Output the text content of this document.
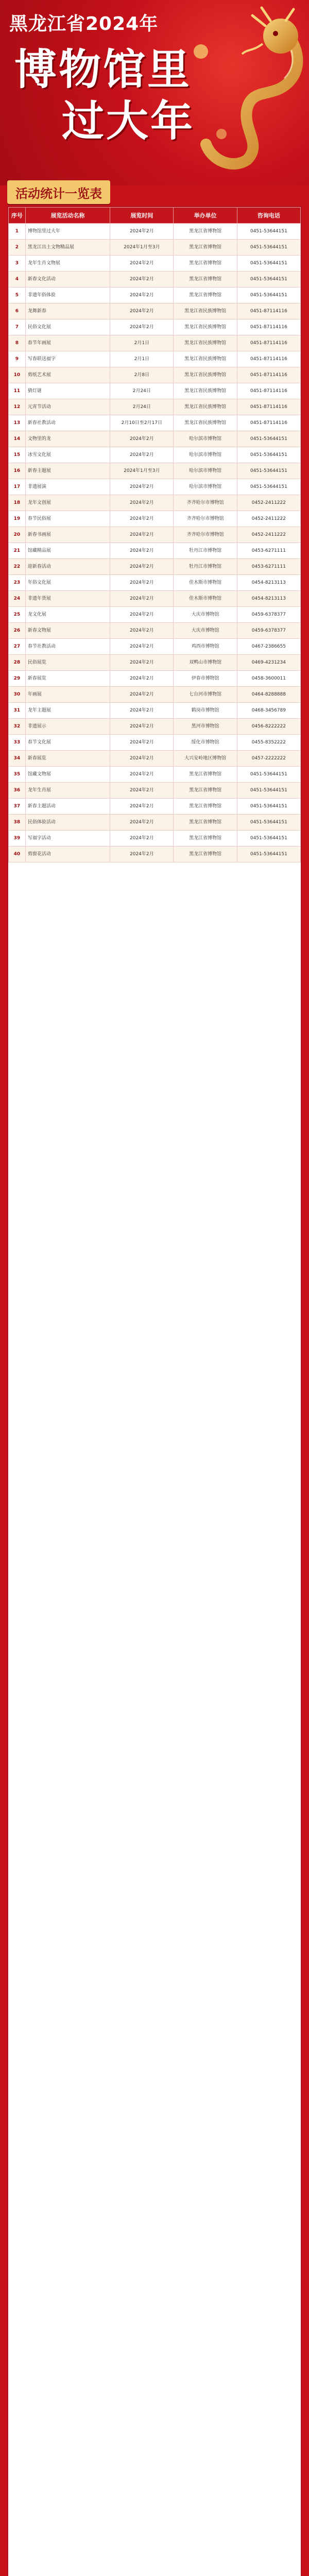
黑龙江省2024年
博物馆里
过大年
活动统计一览表
序号	展览活动名称	展览时间	举办单位	咨询电话
1	博物馆里过大年	2024年2月	黑龙江省博物馆	0451-53644151
2	黑龙江出土文物精品展	2024年1月至3月	黑龙江省博物馆	0451-53644151
3	龙年生肖文物展	2024年2月	黑龙江省博物馆	0451-53644151
4	新春文化活动	2024年2月	黑龙江省博物馆	0451-53644151
5	非遗年俗体验	2024年2月	黑龙江省博物馆	0451-53644151
6	龙舞新春	2024年2月	黑龙江省民族博物馆	0451-87114116
7	民俗文化展	2024年2月	黑龙江省民族博物馆	0451-87114116
8	春节年画展	2月1日	黑龙江省民族博物馆	0451-87114116
9	写春联送福字	2月1日	黑龙江省民族博物馆	0451-87114116
10	剪纸艺术展	2月8日	黑龙江省民族博物馆	0451-87114116
11	猜灯谜	2月24日	黑龙江省民族博物馆	0451-87114116
12	元宵节活动	2月24日	黑龙江省民族博物馆	0451-87114116
13	新春社教活动	2月10日至2月17日	黑龙江省民族博物馆	0451-87114116
14	文物里的龙	2024年2月	哈尔滨市博物馆	0451-53644151
15	冰雪文化展	2024年2月	哈尔滨市博物馆	0451-53644151
16	新春主题展	2024年1月至3月	哈尔滨市博物馆	0451-53644151
17	非遗展演	2024年2月	哈尔滨市博物馆	0451-53644151
18	龙年文创展	2024年2月	齐齐哈尔市博物馆	0452-2411222
19	春节民俗展	2024年2月	齐齐哈尔市博物馆	0452-2411222
20	新春书画展	2024年2月	齐齐哈尔市博物馆	0452-2411222
21	馆藏精品展	2024年2月	牡丹江市博物馆	0453-6271111
22	迎新春活动	2024年2月	牡丹江市博物馆	0453-6271111
23	年俗文化展	2024年2月	佳木斯市博物馆	0454-8213113
24	非遗年货展	2024年2月	佳木斯市博物馆	0454-8213113
25	龙文化展	2024年2月	大庆市博物馆	0459-6378377
26	新春文物展	2024年2月	大庆市博物馆	0459-6378377
27	春节社教活动	2024年2月	鸡西市博物馆	0467-2386655
28	民俗展览	2024年2月	双鸭山市博物馆	0469-4231234
29	新春展览	2024年2月	伊春市博物馆	0458-3600011
30	年画展	2024年2月	七台河市博物馆	0464-8288888
31	龙年主题展	2024年2月	鹤岗市博物馆	0468-3456789
32	非遗展示	2024年2月	黑河市博物馆	0456-8222222
33	春节文化展	2024年2月	绥化市博物馆	0455-8352222
34	新春展览	2024年2月	大兴安岭地区博物馆	0457-2222222
35	馆藏文物展	2024年2月	黑龙江省博物馆	0451-53644151
36	龙年生肖展	2024年2月	黑龙江省博物馆	0451-53644151
37	新春主题活动	2024年2月	黑龙江省博物馆	0451-53644151
38	民俗体验活动	2024年2月	黑龙江省博物馆	0451-53644151
39	写福字活动	2024年2月	黑龙江省博物馆	0451-53644151
40	剪窗花活动	2024年2月	黑龙江省博物馆	0451-53644151
